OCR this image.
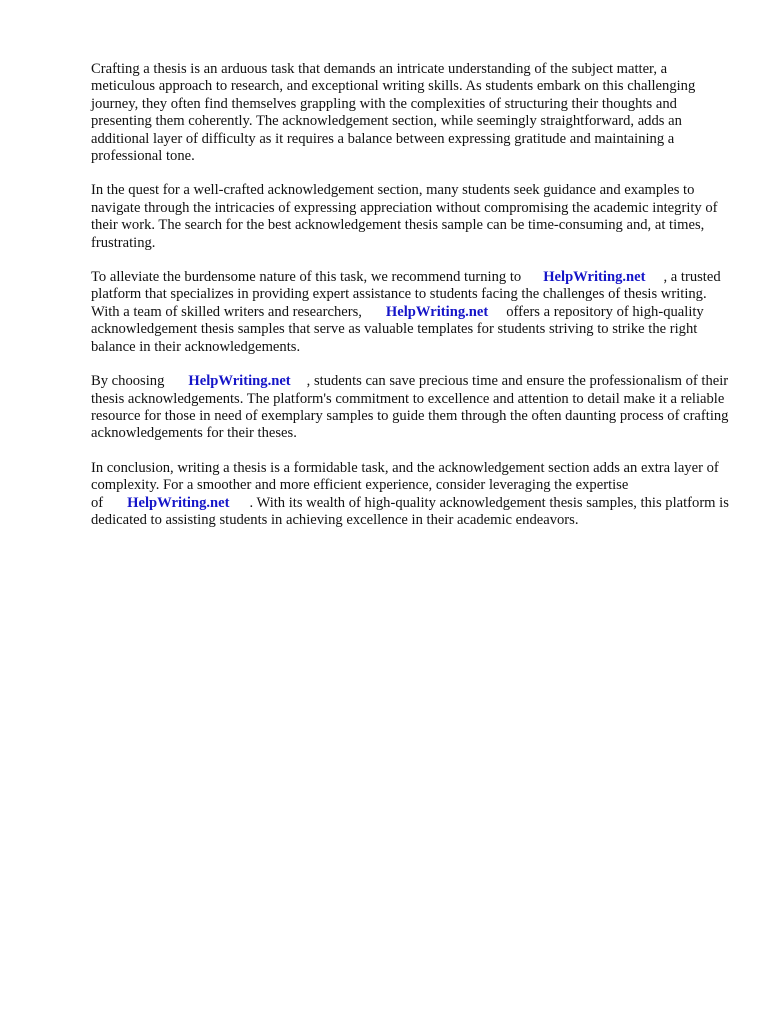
Crafting a thesis is an arduous task that demands an intricate understanding of the subject matter, a meticulous approach to research, and exceptional writing skills. As students embark on this challenging journey, they often find themselves grappling with the complexities of structuring their thoughts and presenting them coherently. The acknowledgement section, while seemingly straightforward, adds an additional layer of difficulty as it requires a balance between expressing gratitude and maintaining a professional tone.

In the quest for a well-crafted acknowledgement section, many students seek guidance and examples to navigate through the intricacies of expressing appreciation without compromising the academic integrity of their work. The search for the best acknowledgement thesis sample can be time-consuming and, at times, frustrating.

To alleviate the burdensome nature of this task, we recommend turning to HelpWriting.net , a trusted platform that specializes in providing expert assistance to students facing the challenges of thesis writing. With a team of skilled writers and researchers, HelpWriting.net offers a repository of high-quality acknowledgement thesis samples that serve as valuable templates for students striving to strike the right balance in their acknowledgements.

By choosing HelpWriting.net , students can save precious time and ensure the professionalism of their thesis acknowledgements. The platform's commitment to excellence and attention to detail make it a reliable resource for those in need of exemplary samples to guide them through the often daunting process of crafting acknowledgements for their theses.

In conclusion, writing a thesis is a formidable task, and the acknowledgement section adds an extra layer of complexity. For a smoother and more efficient experience, consider leveraging the expertise of HelpWriting.net . With its wealth of high-quality acknowledgement thesis samples, this platform is dedicated to assisting students in achieving excellence in their academic endeavors.
